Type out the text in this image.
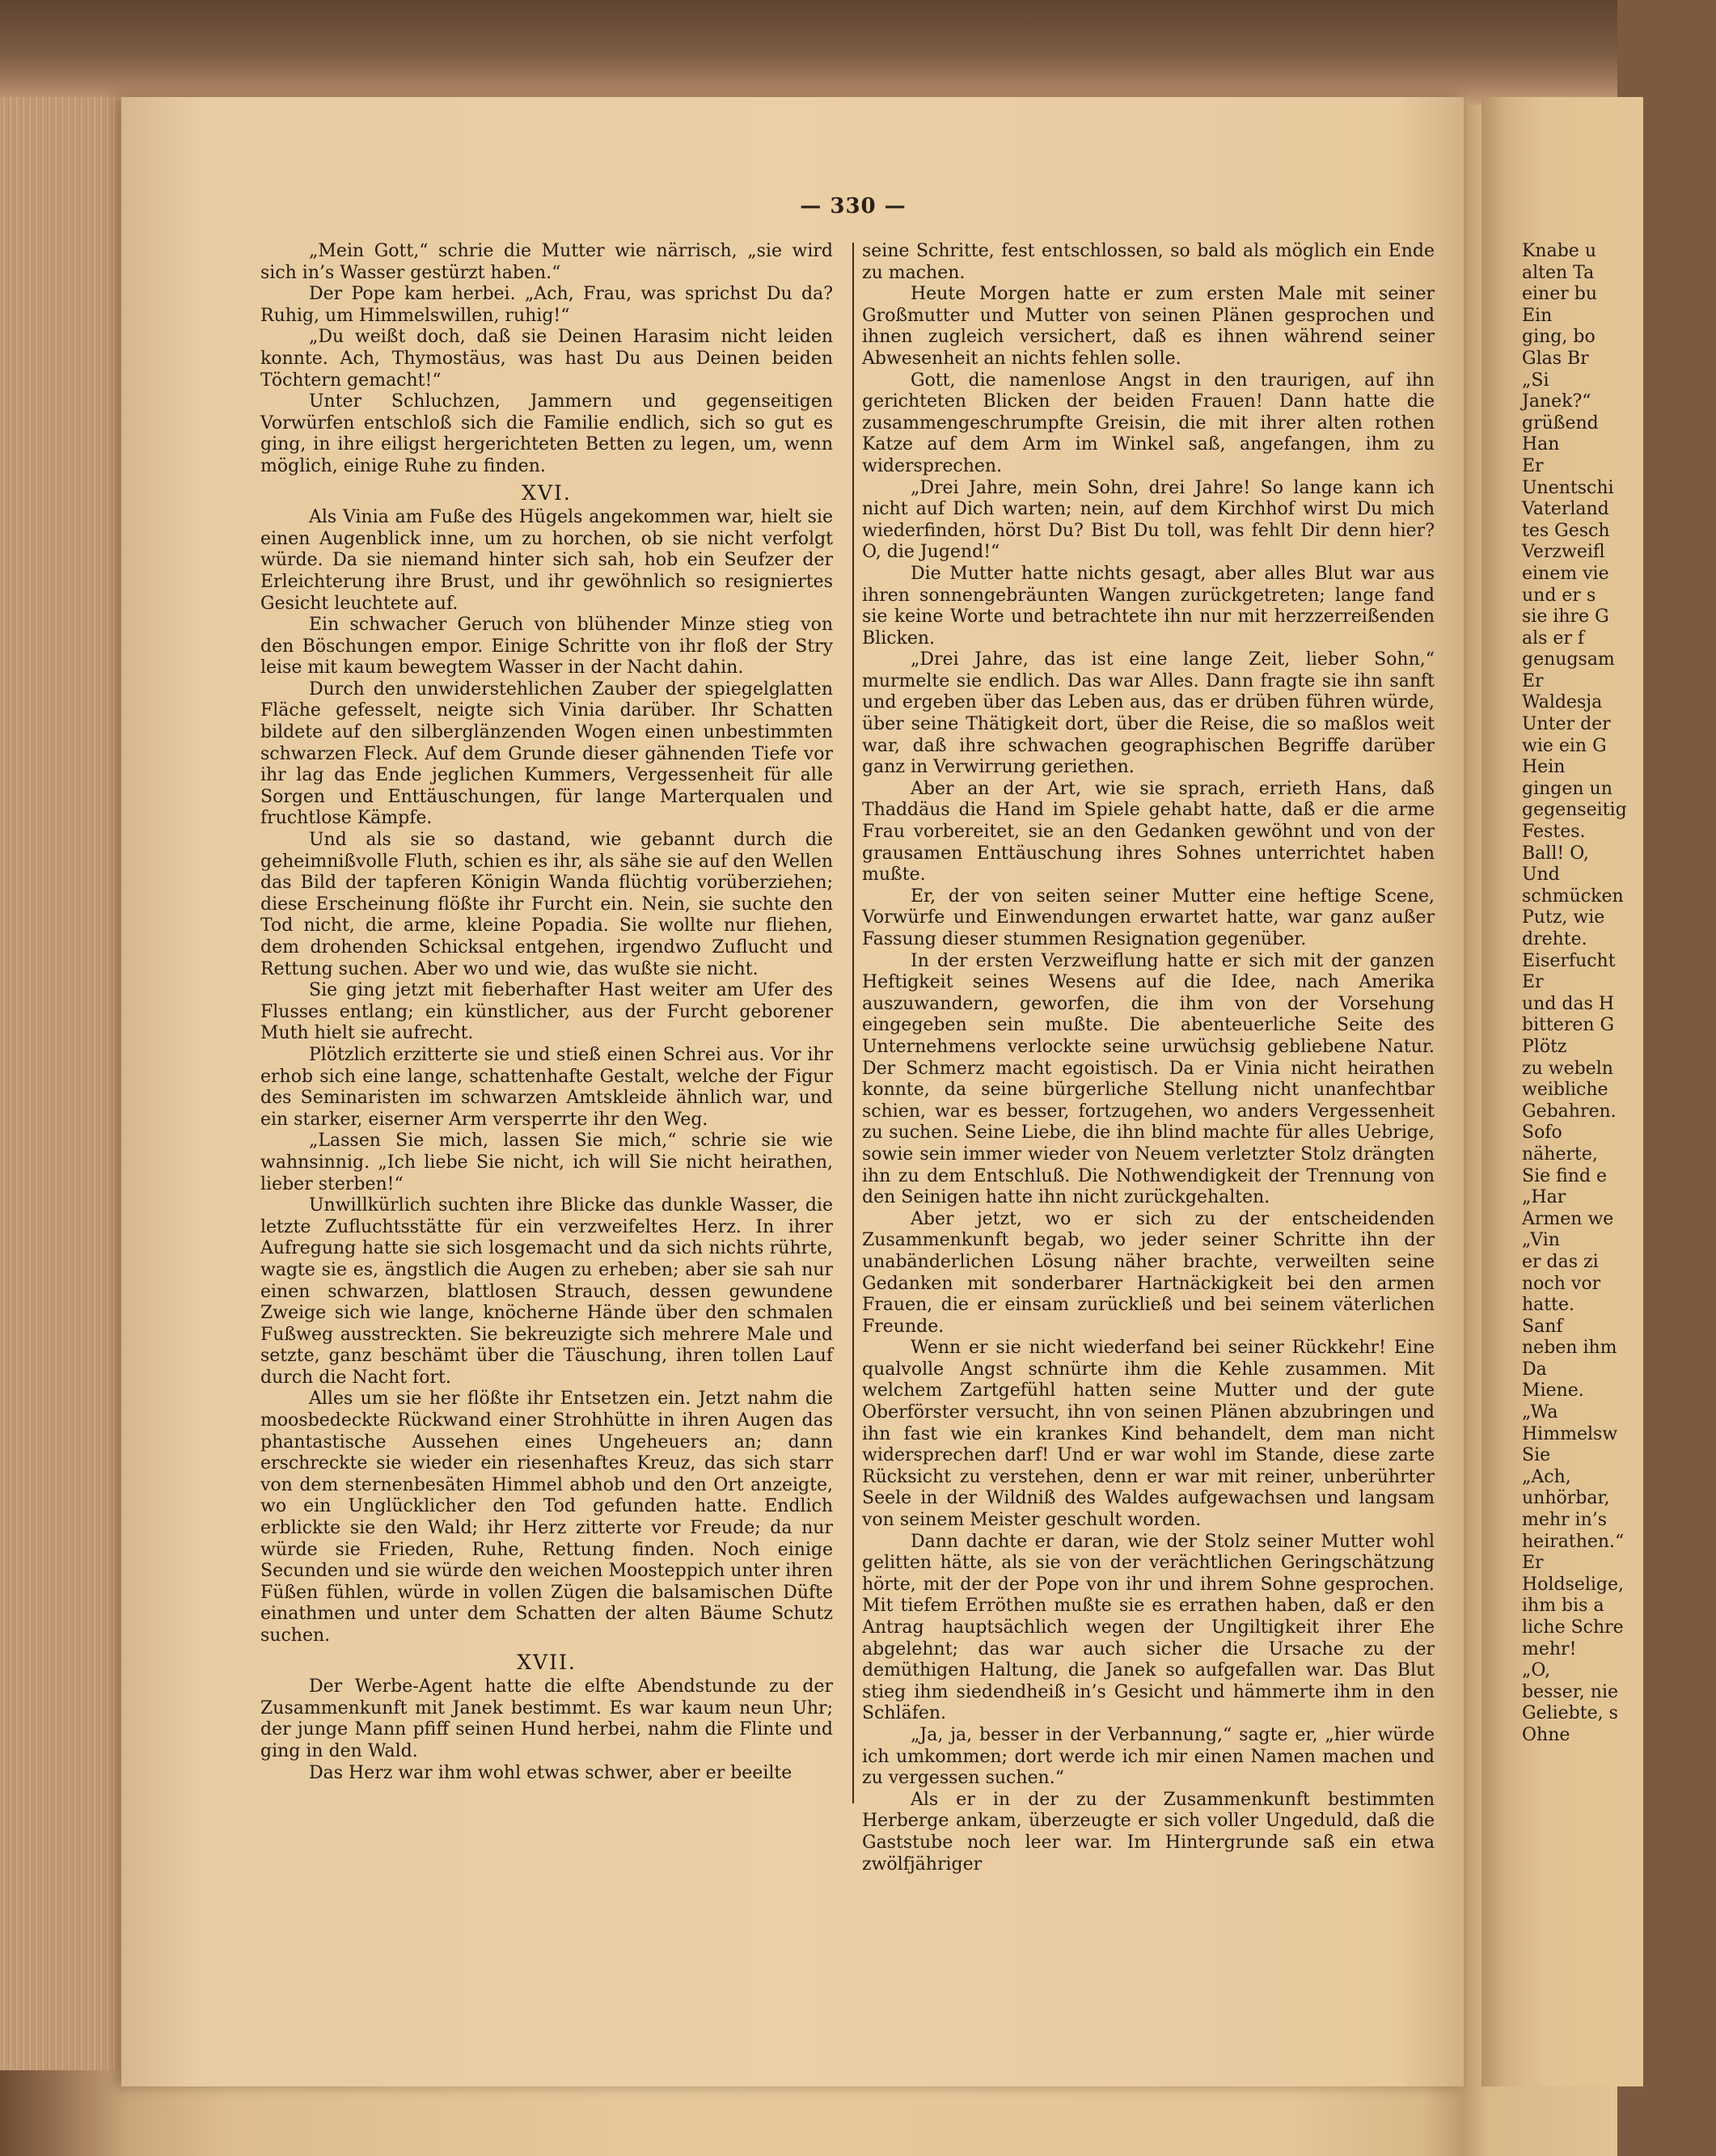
— 330 —

„Mein Gott,“ schrie die Mutter wie närrisch, „sie wird sich in’s Wasser gestürzt haben.“

Der Pope kam herbei. „Ach, Frau, was sprichst Du da? Ruhig, um Himmelswillen, ruhig!“

„Du weißt doch, daß sie Deinen Harasim nicht leiden konnte. Ach, Thymostäus, was hast Du aus Deinen beiden Töchtern gemacht!“

Unter Schluchzen, Jammern und gegenseitigen Vorwürfen entschloß sich die Familie endlich, sich so gut es ging, in ihre eiligst hergerichteten Betten zu legen, um, wenn möglich, einige Ruhe zu finden.

XVI.

Als Vinia am Fuße des Hügels angekommen war, hielt sie einen Augenblick inne, um zu horchen, ob sie nicht verfolgt würde. Da sie niemand hinter sich sah, hob ein Seufzer der Erleichterung ihre Brust, und ihr gewöhnlich so resigniertes Gesicht leuchtete auf.

Ein schwacher Geruch von blühender Minze stieg von den Böschungen empor. Einige Schritte von ihr floß der Stry leise mit kaum bewegtem Wasser in der Nacht dahin.

Durch den unwiderstehlichen Zauber der spiegelglatten Fläche gefesselt, neigte sich Vinia darüber. Ihr Schatten bildete auf den silberglänzenden Wogen einen unbestimmten schwarzen Fleck. Auf dem Grunde dieser gähnenden Tiefe vor ihr lag das Ende jeglichen Kummers, Vergessenheit für alle Sorgen und Enttäuschungen, für lange Marterqualen und fruchtlose Kämpfe.

Und als sie so dastand, wie gebannt durch die geheimnißvolle Fluth, schien es ihr, als sähe sie auf den Wellen das Bild der tapferen Königin Wanda flüchtig vorüberziehen; diese Erscheinung flößte ihr Furcht ein. Nein, sie suchte den Tod nicht, die arme, kleine Popadia. Sie wollte nur fliehen, dem drohenden Schicksal entgehen, irgendwo Zuflucht und Rettung suchen. Aber wo und wie, das wußte sie nicht.

Sie ging jetzt mit fieberhafter Hast weiter am Ufer des Flusses entlang; ein künstlicher, aus der Furcht geborener Muth hielt sie aufrecht.

Plötzlich erzitterte sie und stieß einen Schrei aus. Vor ihr erhob sich eine lange, schattenhafte Gestalt, welche der Figur des Seminaristen im schwarzen Amtskleide ähnlich war, und ein starker, eiserner Arm versperrte ihr den Weg.

„Lassen Sie mich, lassen Sie mich,“ schrie sie wie wahnsinnig. „Ich liebe Sie nicht, ich will Sie nicht heirathen, lieber sterben!“

Unwillkürlich suchten ihre Blicke das dunkle Wasser, die letzte Zufluchtsstätte für ein verzweifeltes Herz. In ihrer Aufregung hatte sie sich losgemacht und da sich nichts rührte, wagte sie es, ängstlich die Augen zu erheben; aber sie sah nur einen schwarzen, blattlosen Strauch, dessen gewundene Zweige sich wie lange, knöcherne Hände über den schmalen Fußweg ausstreckten. Sie bekreuzigte sich mehrere Male und setzte, ganz beschämt über die Täuschung, ihren tollen Lauf durch die Nacht fort.

Alles um sie her flößte ihr Entsetzen ein. Jetzt nahm die moosbedeckte Rückwand einer Strohhütte in ihren Augen das phantastische Aussehen eines Ungeheuers an; dann erschreckte sie wieder ein riesenhaftes Kreuz, das sich starr von dem sternenbesäten Himmel abhob und den Ort anzeigte, wo ein Unglücklicher den Tod gefunden hatte. Endlich erblickte sie den Wald; ihr Herz zitterte vor Freude; da nur würde sie Frieden, Ruhe, Rettung finden. Noch einige Secunden und sie würde den weichen Moosteppich unter ihren Füßen fühlen, würde in vollen Zügen die balsamischen Düfte einathmen und unter dem Schatten der alten Bäume Schutz suchen.

XVII.

Der Werbe-Agent hatte die elfte Abendstunde zu der Zusammenkunft mit Janek bestimmt. Es war kaum neun Uhr; der junge Mann pfiff seinen Hund herbei, nahm die Flinte und ging in den Wald.

Das Herz war ihm wohl etwas schwer, aber er beeilte

seine Schritte, fest entschlossen, so bald als möglich ein Ende zu machen.

Heute Morgen hatte er zum ersten Male mit seiner Großmutter und Mutter von seinen Plänen gesprochen und ihnen zugleich versichert, daß es ihnen während seiner Abwesenheit an nichts fehlen solle.

Gott, die namenlose Angst in den traurigen, auf ihn gerichteten Blicken der beiden Frauen! Dann hatte die zusammengeschrumpfte Greisin, die mit ihrer alten rothen Katze auf dem Arm im Winkel saß, angefangen, ihm zu widersprechen.

„Drei Jahre, mein Sohn, drei Jahre! So lange kann ich nicht auf Dich warten; nein, auf dem Kirchhof wirst Du mich wiederfinden, hörst Du? Bist Du toll, was fehlt Dir denn hier? O, die Jugend!“

Die Mutter hatte nichts gesagt, aber alles Blut war aus ihren sonnengebräunten Wangen zurückgetreten; lange fand sie keine Worte und betrachtete ihn nur mit herzzerreißenden Blicken.

„Drei Jahre, das ist eine lange Zeit, lieber Sohn,“ murmelte sie endlich. Das war Alles. Dann fragte sie ihn sanft und ergeben über das Leben aus, das er drüben führen würde, über seine Thätigkeit dort, über die Reise, die so maßlos weit war, daß ihre schwachen geographischen Begriffe darüber ganz in Verwirrung geriethen.

Aber an der Art, wie sie sprach, errieth Hans, daß Thaddäus die Hand im Spiele gehabt hatte, daß er die arme Frau vorbereitet, sie an den Gedanken gewöhnt und von der grausamen Enttäuschung ihres Sohnes unterrichtet haben mußte.

Er, der von seiten seiner Mutter eine heftige Scene, Vorwürfe und Einwendungen erwartet hatte, war ganz außer Fassung dieser stummen Resignation gegenüber.

In der ersten Verzweiflung hatte er sich mit der ganzen Heftigkeit seines Wesens auf die Idee, nach Amerika auszuwandern, geworfen, die ihm von der Vorsehung eingegeben sein mußte. Die abenteuerliche Seite des Unternehmens verlockte seine urwüchsig gebliebene Natur. Der Schmerz macht egoistisch. Da er Vinia nicht heirathen konnte, da seine bürgerliche Stellung nicht unanfechtbar schien, war es besser, fortzugehen, wo anders Vergessenheit zu suchen. Seine Liebe, die ihn blind machte für alles Uebrige, sowie sein immer wieder von Neuem verletzter Stolz drängten ihn zu dem Entschluß. Die Nothwendigkeit der Trennung von den Seinigen hatte ihn nicht zurückgehalten.

Aber jetzt, wo er sich zu der entscheidenden Zusammenkunft begab, wo jeder seiner Schritte ihn der unabänderlichen Lösung näher brachte, verweilten seine Gedanken mit sonderbarer Hartnäckigkeit bei den armen Frauen, die er einsam zurückließ und bei seinem väterlichen Freunde.

Wenn er sie nicht wiederfand bei seiner Rückkehr! Eine qualvolle Angst schnürte ihm die Kehle zusammen. Mit welchem Zartgefühl hatten seine Mutter und der gute Oberförster versucht, ihn von seinen Plänen abzubringen und ihn fast wie ein krankes Kind behandelt, dem man nicht widersprechen darf! Und er war wohl im Stande, diese zarte Rücksicht zu verstehen, denn er war mit reiner, unberührter Seele in der Wildniß des Waldes aufgewachsen und langsam von seinem Meister geschult worden.

Dann dachte er daran, wie der Stolz seiner Mutter wohl gelitten hätte, als sie von der verächtlichen Geringschätzung hörte, mit der der Pope von ihr und ihrem Sohne gesprochen. Mit tiefem Erröthen mußte sie es errathen haben, daß er den Antrag hauptsächlich wegen der Ungiltigkeit ihrer Ehe abgelehnt; das war auch sicher die Ursache zu der demüthigen Haltung, die Janek so aufgefallen war. Das Blut stieg ihm siedendheiß in’s Gesicht und hämmerte ihm in den Schläfen.

„Ja, ja, besser in der Verbannung,“ sagte er, „hier würde ich umkommen; dort werde ich mir einen Namen machen und zu vergessen suchen.“

Als er in der zu der Zusammenkunft bestimmten Herberge ankam, überzeugte er sich voller Ungeduld, daß die Gaststube noch leer war. Im Hintergrunde saß ein etwa zwölfjähriger

Knabe u
alten Ta
einer bu
Ein
ging, bo
Glas Br
„Si
Janek?“
grüßend
Han
Er
Unentschi
Vaterland
tes Gesch
Verzweifl
einem vie
und er s
sie ihre G
als er f
genugsam
Er
Waldesja
Unter der
wie ein G
Hein
gingen un
gegenseitig
Festes.
Ball! O,
Und
schmücken
Putz, wie
drehte.
Eiserfucht
Er
und das H
bitteren G
Plötz
zu webeln
weibliche
Gebahren.
Sofo
näherte,
Sie find e
„Har
Armen we
„Vin
er das zi
noch vor
hatte.
Sanf
neben ihm
Da
Miene.
„Wa
Himmelsw
Sie
„Ach,
unhörbar,
mehr in’s
heirathen.“
Er
Holdselige,
ihm bis a
liche Schre
mehr!
„O,
besser, nie
Geliebte, s
Ohne
